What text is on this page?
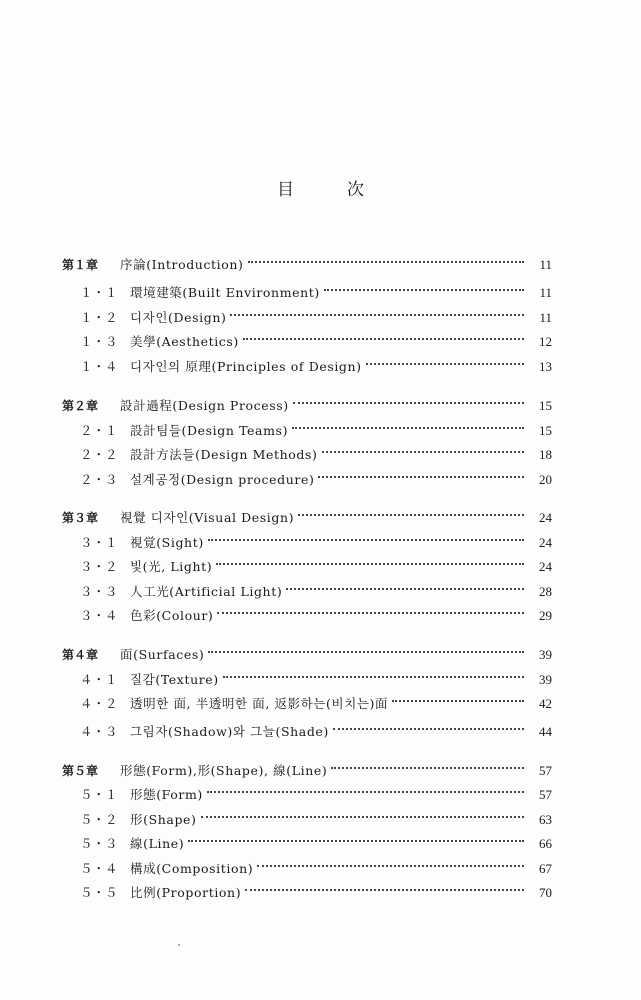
目　次
第１章	序論(Introduction)	11
１・１ 環境建築(Built Environment)	11
１・２ 디자인(Design)	11
１・３ 美學(Aesthetics)	12
１・４ 디자인의 原理(Principles of Design)	13
第２章	設計過程(Design Process)	15
２・１ 設計팀들(Design Teams)	15
２・２ 設計方法들(Design Methods)	18
２・３ 설계공정(Design procedure)	20
第３章	視覺 디자인(Visual Design)	24
３・１ 視覚(Sight)	24
３・２ 빛(光, Light)	24
３・３ 人工光(Artificial Light)	28
３・４ 色彩(Colour)	29
第４章	面(Surfaces)	39
４・１ 질감(Texture)	39
４・２ 透明한 面, 半透明한 面, 返影하는(비치는)面	42
４・３ 그림자(Shadow)와 그늘(Shade)	44
第５章	形態(Form),形(Shape), 線(Line)	57
５・１ 形態(Form)	57
５・２ 形(Shape)	63
５・３ 線(Line)	66
５・４ 構成(Composition)	67
５・５ 比例(Proportion)	70
